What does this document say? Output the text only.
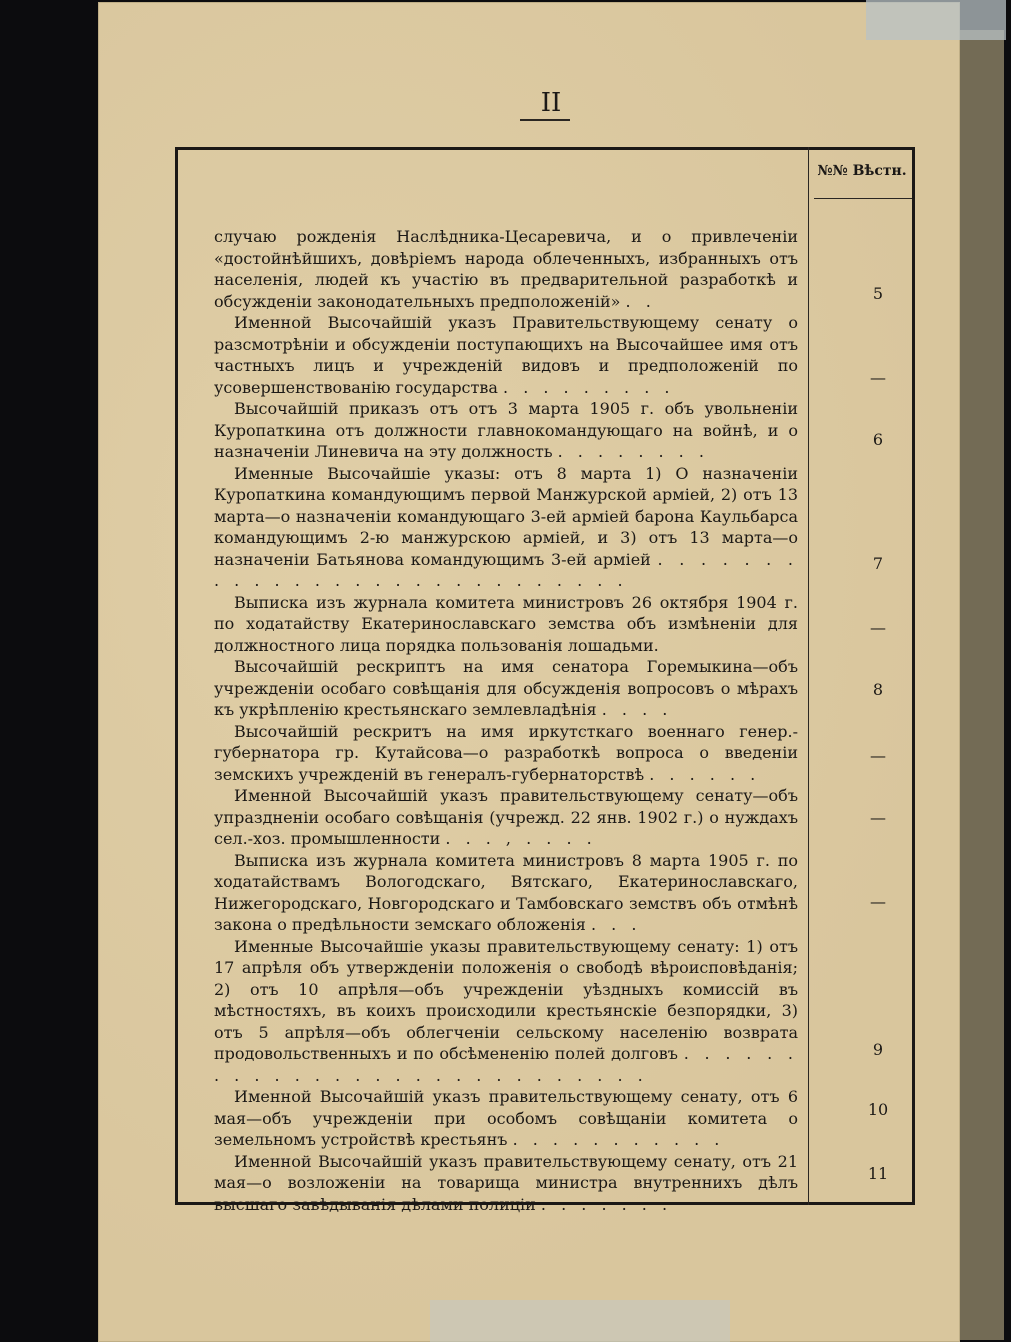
II
№№ Вѣстн.

случаю рожденія Наслѣдника-Цесаревича, и о привлеченіи «достойнѣйшихъ, довѣріемъ народа облеченныхъ, избранныхъ отъ населенія, людей къ участію въ предварительной разработкѣ и обсужденіи законодательныхъ предположеній» . .

Именной Высочайшій указъ Правительствующему сенату о разсмотрѣніи и обсужденіи поступающихъ на Высочайшее имя отъ частныхъ лицъ и учрежденій видовъ и предположеній по усовершенствованію государства . . . . . . . . .

Высочайшій приказъ отъ отъ 3 марта 1905 г. объ увольненіи Куропаткина отъ должности главнокомандующаго на войнѣ, и о назначеніи Линевича на эту должность . . . . . . . .

Именные Высочайшіе указы: отъ 8 марта 1) О назначеніи Куропаткина командующимъ первой Манжурской арміей, 2) отъ 13 марта—о назначеніи командующаго 3-ей арміей барона Каульбарса командующимъ 2-ю манжурскою арміей, и 3) отъ 13 марта—о назначеніи Батьянова командующимъ 3-ей арміей . . . . . . . . . . . . . . . . . . . . . . . . . . . .

Выписка изъ журнала комитета министровъ 26 октября 1904 г. по ходатайству Екатеринославскаго земства объ измѣненіи для должностного лица порядка пользованія лошадьми.

Высочайшій рескриптъ на имя сенатора Горемыкина—объ учрежденіи особаго совѣщанія для обсужденія вопросовъ о мѣрахъ къ укрѣпленію крестьянскаго землевладѣнія . . . .

Высочайшій рескритъ на имя иркутсткаго военнаго генер.-губернатора гр. Кутайсова—о разработкѣ вопроса о введеніи земскихъ учрежденій въ генералъ-губернаторствѣ . . . . . .

Именной Высочайшій указъ правительствующему сенату—объ упраздненіи особаго совѣщанія (учрежд. 22 янв. 1902 г.) о нуждахъ сел.-хоз. промышленности . . . , . . . .

Выписка изъ журнала комитета министровъ 8 марта 1905 г. по ходатайствамъ Вологодскаго, Вятскаго, Екатеринославскаго, Нижегородскаго, Новгородскаго и Тамбовскаго земствъ объ отмѣнѣ закона о предѣльности земскаго обложенія . . .

Именные Высочайшіе указы правительствующему сенату: 1) отъ 17 апрѣля объ утвержденіи положенія о свободѣ вѣроисповѣданія; 2) отъ 10 апрѣля—объ учрежденіи уѣздныхъ комиссій въ мѣстностяхъ, въ коихъ происходили крестьянскіе безпорядки, 3) отъ 5 апрѣля—объ облегченіи сельскому населенію возврата продовольственныхъ и по обсѣмененію полей долговъ . . . . . . . . . . . . . . . . . . . . . . . . . . . .

Именной Высочайшій указъ правительствующему сенату, отъ 6 мая—объ учрежденіи при особомъ совѣщаніи комитета о земельномъ устройствѣ крестьянъ . . . . . . . . . . .

Именной Высочайшій указъ правительствующему сенату, отъ 21 мая—о возложеніи на товарища министра внутреннихъ дѣлъ высшаго завѣдыванія дѣлами полиціи . . . . . . .

5
—
6
7
—
8
—
—
—
9
10
11
